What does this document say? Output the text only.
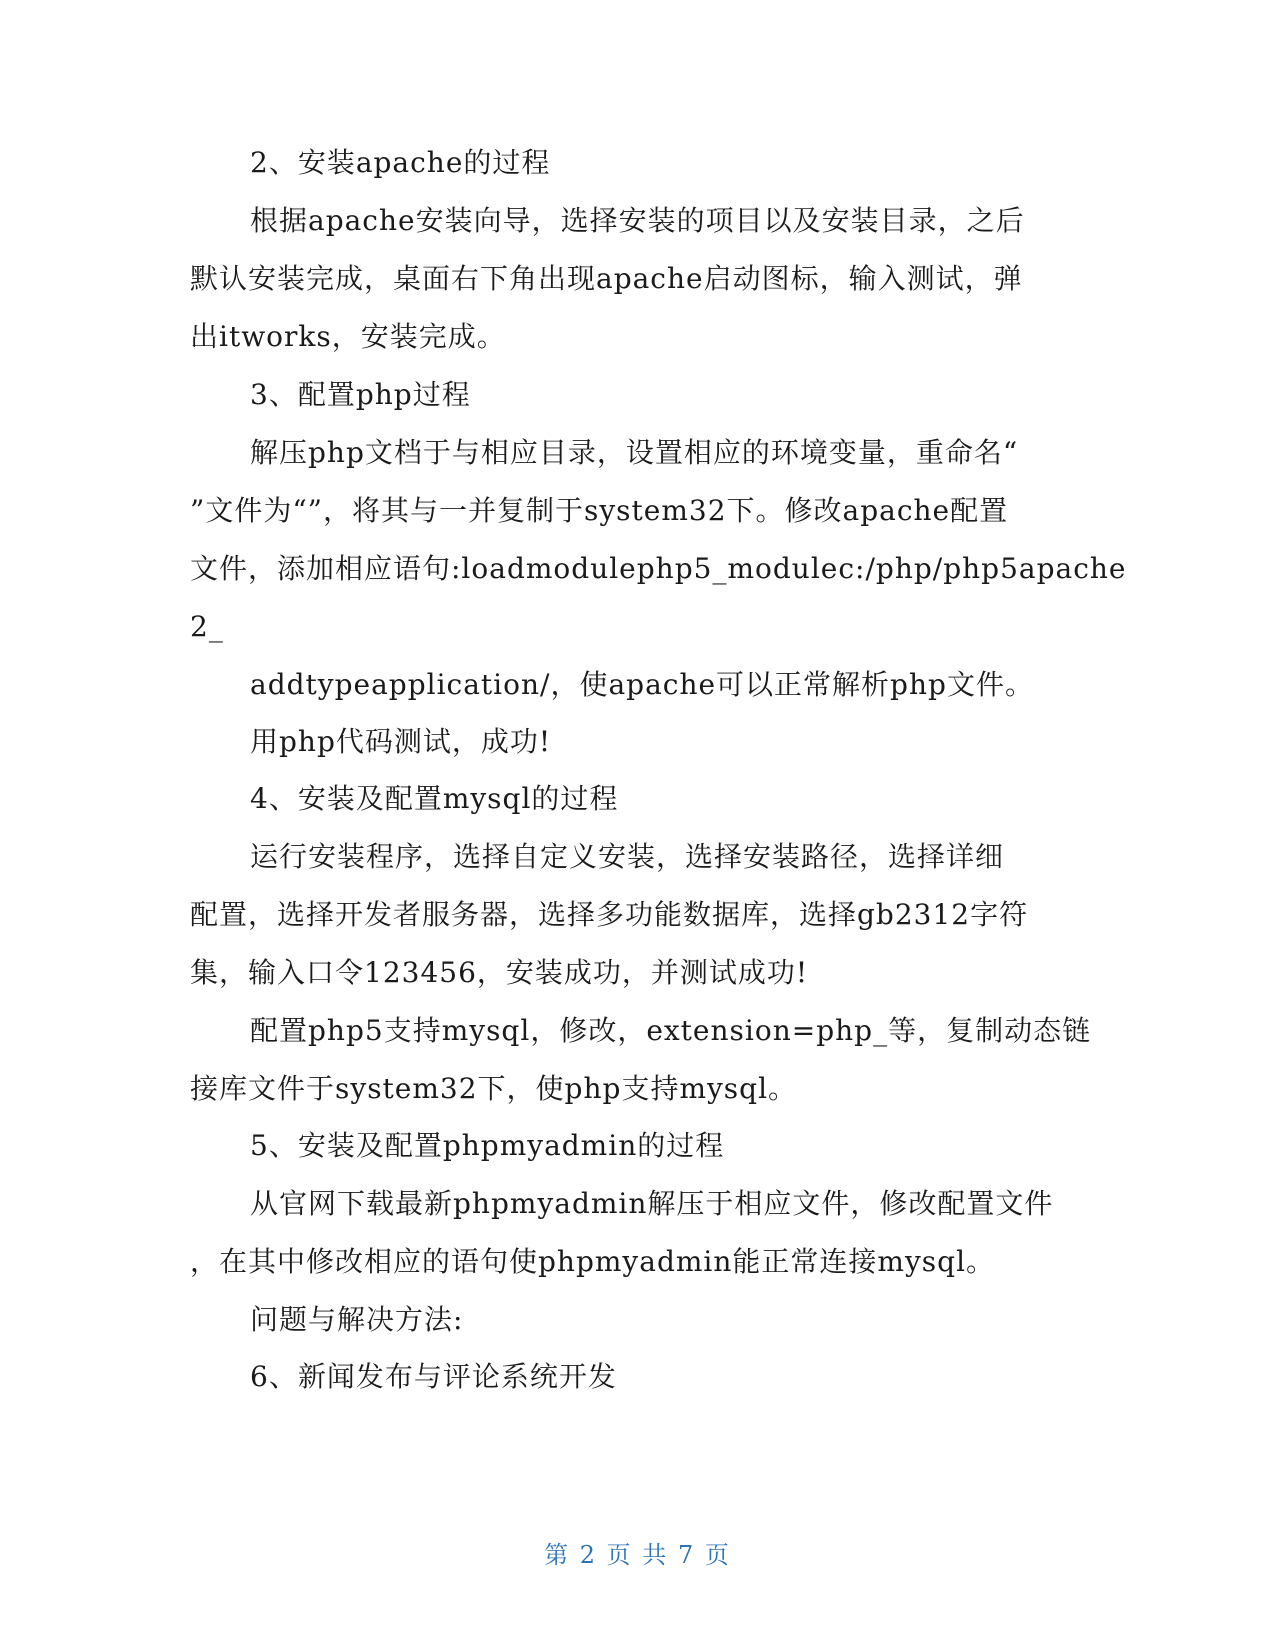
2、安装apache的过程
根据apache安装向导，选择安装的项目以及安装目录，之后
默认安装完成，桌面右下角出现apache启动图标，输入测试，弹
出itworks，安装完成。
3、配置php过程
解压php文档于与相应目录，设置相应的环境变量，重命名“
”文件为“”，将其与一并复制于system32下。修改apache配置
文件，添加相应语句:loadmodulephp5_modulec:/php/php5apache
2_
addtypeapplication/，使apache可以正常解析php文件。
用php代码测试，成功!
4、安装及配置mysql的过程
运行安装程序，选择自定义安装，选择安装路径，选择详细
配置，选择开发者服务器，选择多功能数据库，选择gb2312字符
集，输入口令123456，安装成功，并测试成功!
配置php5支持mysql，修改，extension=php_等，复制动态链
接库文件于system32下，使php支持mysql。
5、安装及配置phpmyadmin的过程
从官网下载最新phpmyadmin解压于相应文件，修改配置文件
，在其中修改相应的语句使phpmyadmin能正常连接mysql。
问题与解决方法:
6、新闻发布与评论系统开发
第 2 页 共 7 页
